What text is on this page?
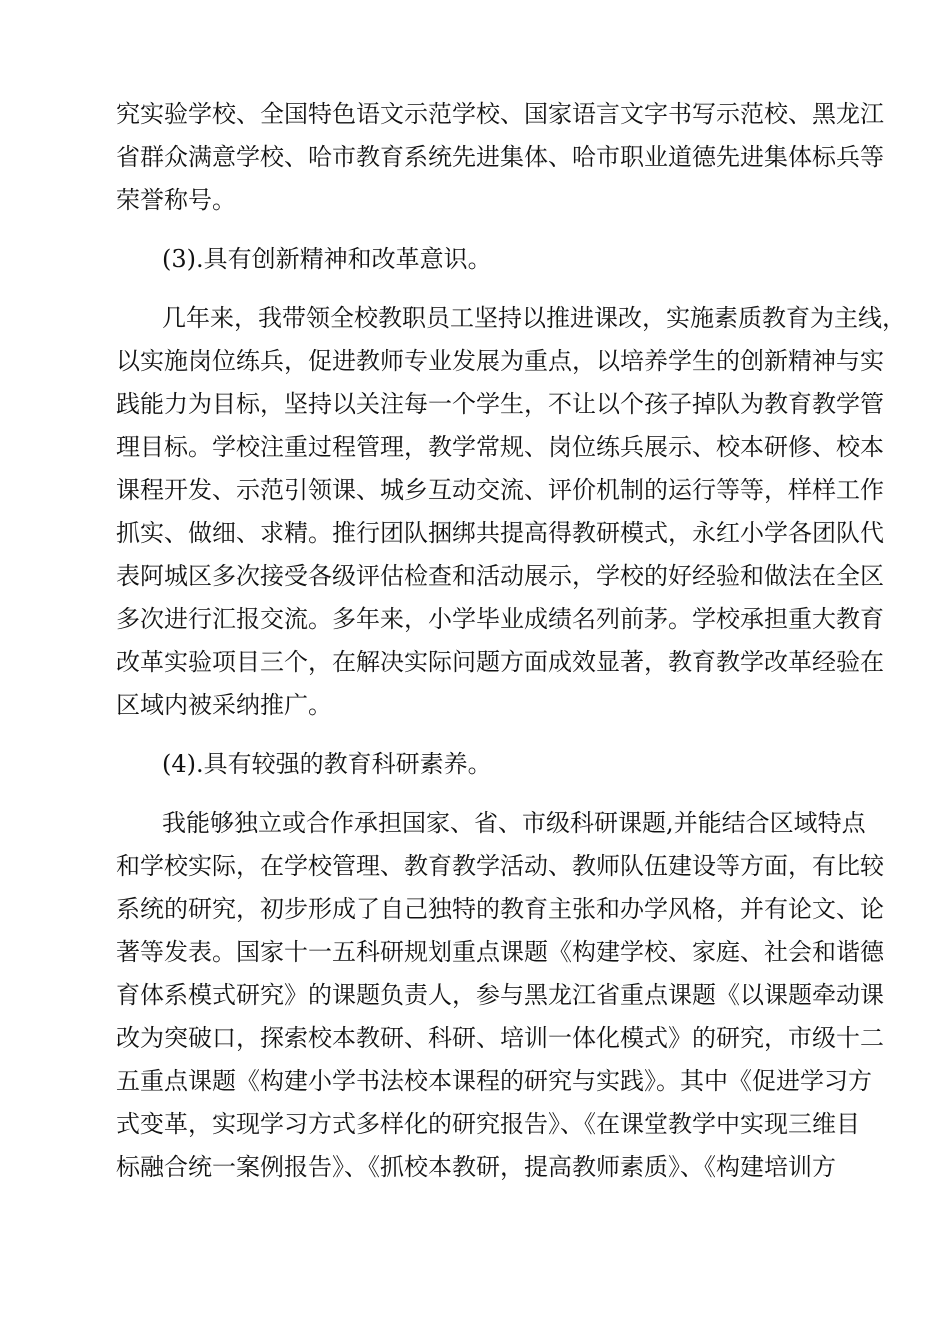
究实验学校、全国特色语文示范学校、国家语言文字书写示范校、黑龙江
省群众满意学校、哈市教育系统先进集体、哈市职业道德先进集体标兵等
荣誉称号。
(3).具有创新精神和改革意识。
几年来，我带领全校教职员工坚持以推进课改，实施素质教育为主线，
以实施岗位练兵，促进教师专业发展为重点，以培养学生的创新精神与实
践能力为目标，坚持以关注每一个学生，不让以个孩子掉队为教育教学管
理目标。学校注重过程管理，教学常规、岗位练兵展示、校本研修、校本
课程开发、示范引领课、城乡互动交流、评价机制的运行等等，样样工作
抓实、做细、求精。推行团队捆绑共提高得教研模式，永红小学各团队代
表阿城区多次接受各级评估检查和活动展示，学校的好经验和做法在全区
多次进行汇报交流。多年来，小学毕业成绩名列前茅。学校承担重大教育
改革实验项目三个，在解决实际问题方面成效显著，教育教学改革经验在
区域内被采纳推广。
(4).具有较强的教育科研素养。
我能够独立或合作承担国家、省、市级科研课题,并能结合区域特点
和学校实际，在学校管理、教育教学活动、教师队伍建设等方面，有比较
系统的研究，初步形成了自己独特的教育主张和办学风格，并有论文、论
著等发表。国家十一五科研规划重点课题《构建学校、家庭、社会和谐德
育体系模式研究》的课题负责人，参与黑龙江省重点课题《以课题牵动课
改为突破口，探索校本教研、科研、培训一体化模式》的研究，市级十二
五重点课题《构建小学书法校本课程的研究与实践》。其中《促进学习方
式变革，实现学习方式多样化的研究报告》、《在课堂教学中实现三维目
标融合统一案例报告》、《抓校本教研，提高教师素质》、《构建培训方
